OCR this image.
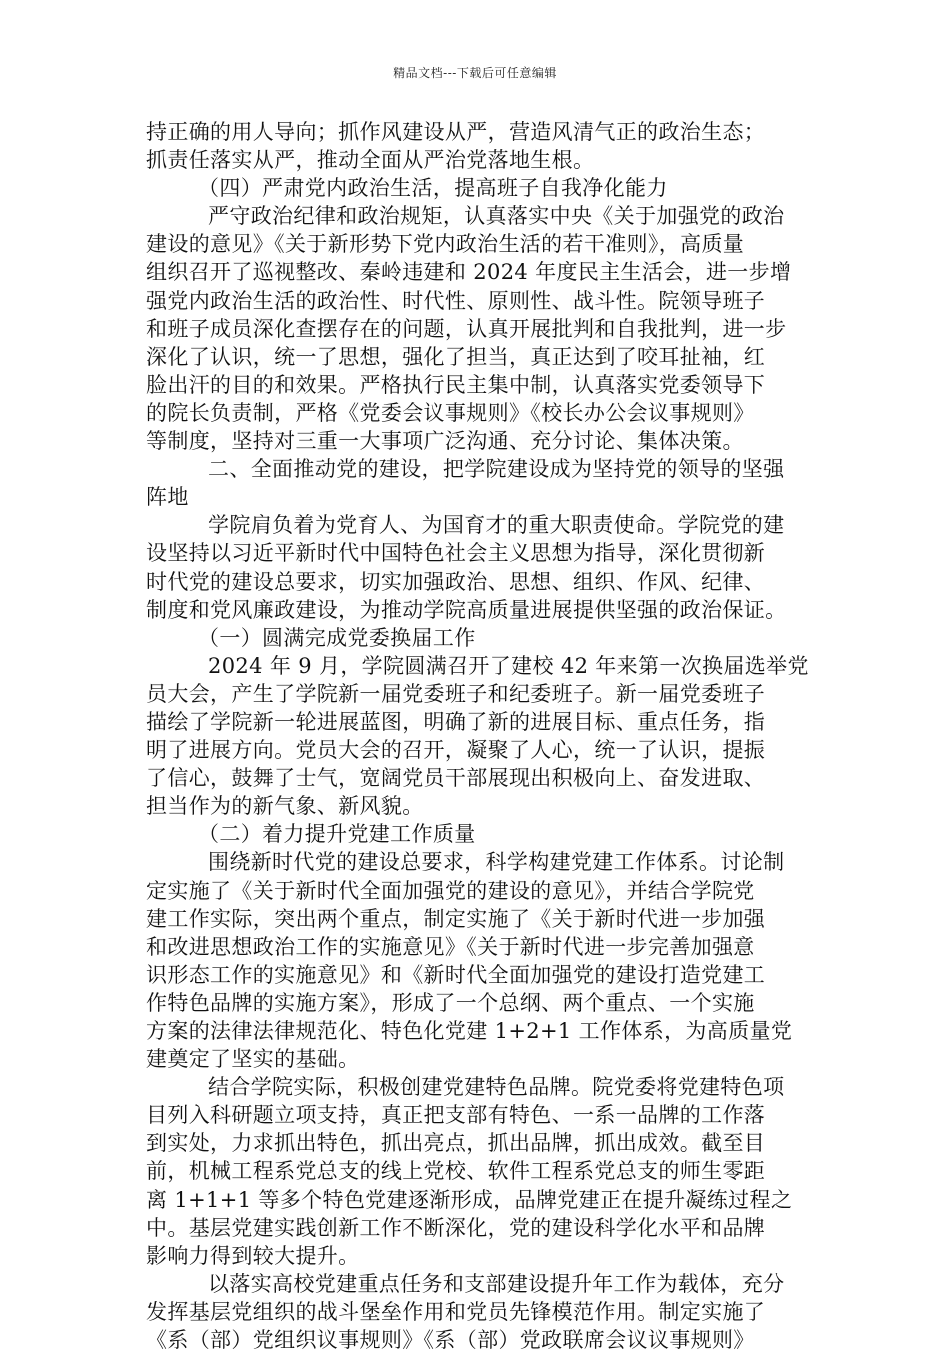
精品文档---下载后可任意编辑
持正确的用人导向；抓作风建设从严，营造风清气正的政治生态；
抓责任落实从严，推动全面从严治党落地生根。
（四）严肃党内政治生活，提高班子自我净化能力
严守政治纪律和政治规矩，认真落实中央《关于加强党的政治
建设的意见》《关于新形势下党内政治生活的若干准则》，高质量
组织召开了巡视整改、秦岭违建和 2024 年度民主生活会，进一步增
强党内政治生活的政治性、时代性、原则性、战斗性。院领导班子
和班子成员深化查摆存在的问题，认真开展批判和自我批判，进一步
深化了认识，统一了思想，强化了担当，真正达到了咬耳扯袖，红
脸出汗的目的和效果。严格执行民主集中制，认真落实党委领导下
的院长负责制，严格《党委会议事规则》《校长办公会议事规则》
等制度，坚持对三重一大事项广泛沟通、充分讨论、集体决策。
二、全面推动党的建设，把学院建设成为坚持党的领导的坚强
阵地
学院肩负着为党育人、为国育才的重大职责使命。学院党的建
设坚持以习近平新时代中国特色社会主义思想为指导，深化贯彻新
时代党的建设总要求，切实加强政治、思想、组织、作风、纪律、
制度和党风廉政建设，为推动学院高质量进展提供坚强的政治保证。
（一）圆满完成党委换届工作
2024 年 9 月，学院圆满召开了建校 42 年来第一次换届选举党
员大会，产生了学院新一届党委班子和纪委班子。新一届党委班子
描绘了学院新一轮进展蓝图，明确了新的进展目标、重点任务，指
明了进展方向。党员大会的召开，凝聚了人心，统一了认识，提振
了信心，鼓舞了士气，宽阔党员干部展现出积极向上、奋发进取、
担当作为的新气象、新风貌。
（二）着力提升党建工作质量
围绕新时代党的建设总要求，科学构建党建工作体系。讨论制
定实施了《关于新时代全面加强党的建设的意见》，并结合学院党
建工作实际，突出两个重点，制定实施了《关于新时代进一步加强
和改进思想政治工作的实施意见》《关于新时代进一步完善加强意
识形态工作的实施意见》和《新时代全面加强党的建设打造党建工
作特色品牌的实施方案》，形成了一个总纲、两个重点、一个实施
方案的法律法律规范化、特色化党建 1+2+1 工作体系，为高质量党
建奠定了坚实的基础。
结合学院实际，积极创建党建特色品牌。院党委将党建特色项
目列入科研题立项支持，真正把支部有特色、一系一品牌的工作落
到实处，力求抓出特色，抓出亮点，抓出品牌，抓出成效。截至目
前，机械工程系党总支的线上党校、软件工程系党总支的师生零距
离 1+1+1 等多个特色党建逐渐形成，品牌党建正在提升凝练过程之
中。基层党建实践创新工作不断深化，党的建设科学化水平和品牌
影响力得到较大提升。
以落实高校党建重点任务和支部建设提升年工作为载体，充分
发挥基层党组织的战斗堡垒作用和党员先锋模范作用。制定实施了
《系（部）党组织议事规则》《系（部）党政联席会议议事规则》
